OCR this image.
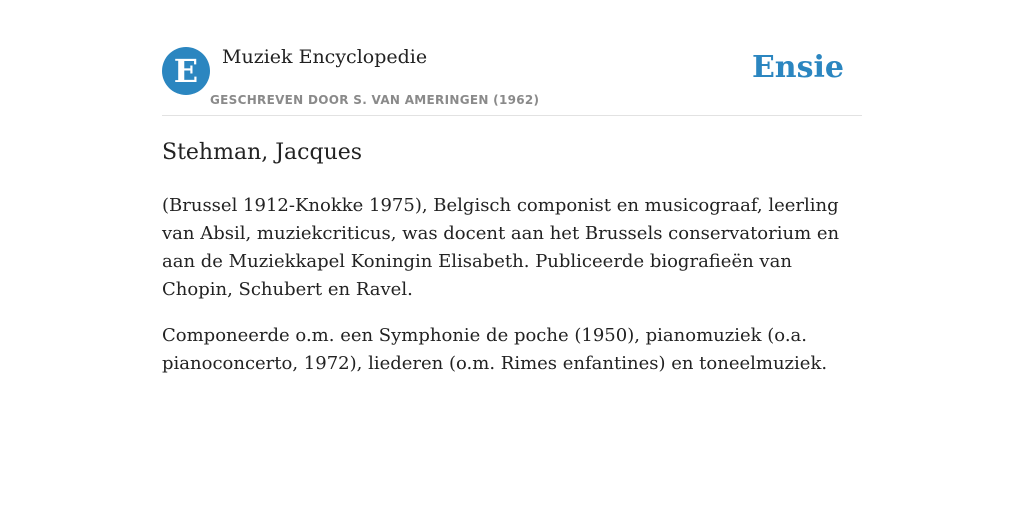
E	Muziek Encyclopedie
GESCHREVEN DOOR S. VAN AMERINGEN (1962)
Ensie
Stehman, Jacques

(Brussel 1912-Knokke 1975), Belgisch componist en musicograaf, leerling van Absil, muziekcriticus, was docent aan het Brussels conservatorium en aan de Muziekkapel Koningin Elisabeth. Publiceerde biografieën van Chopin, Schubert en Ravel.

Componeerde o.m. een Symphonie de poche (1950), pianomuziek (o.a. pianoconcerto, 1972), liederen (o.m. Rimes enfantines) en toneelmuziek.
